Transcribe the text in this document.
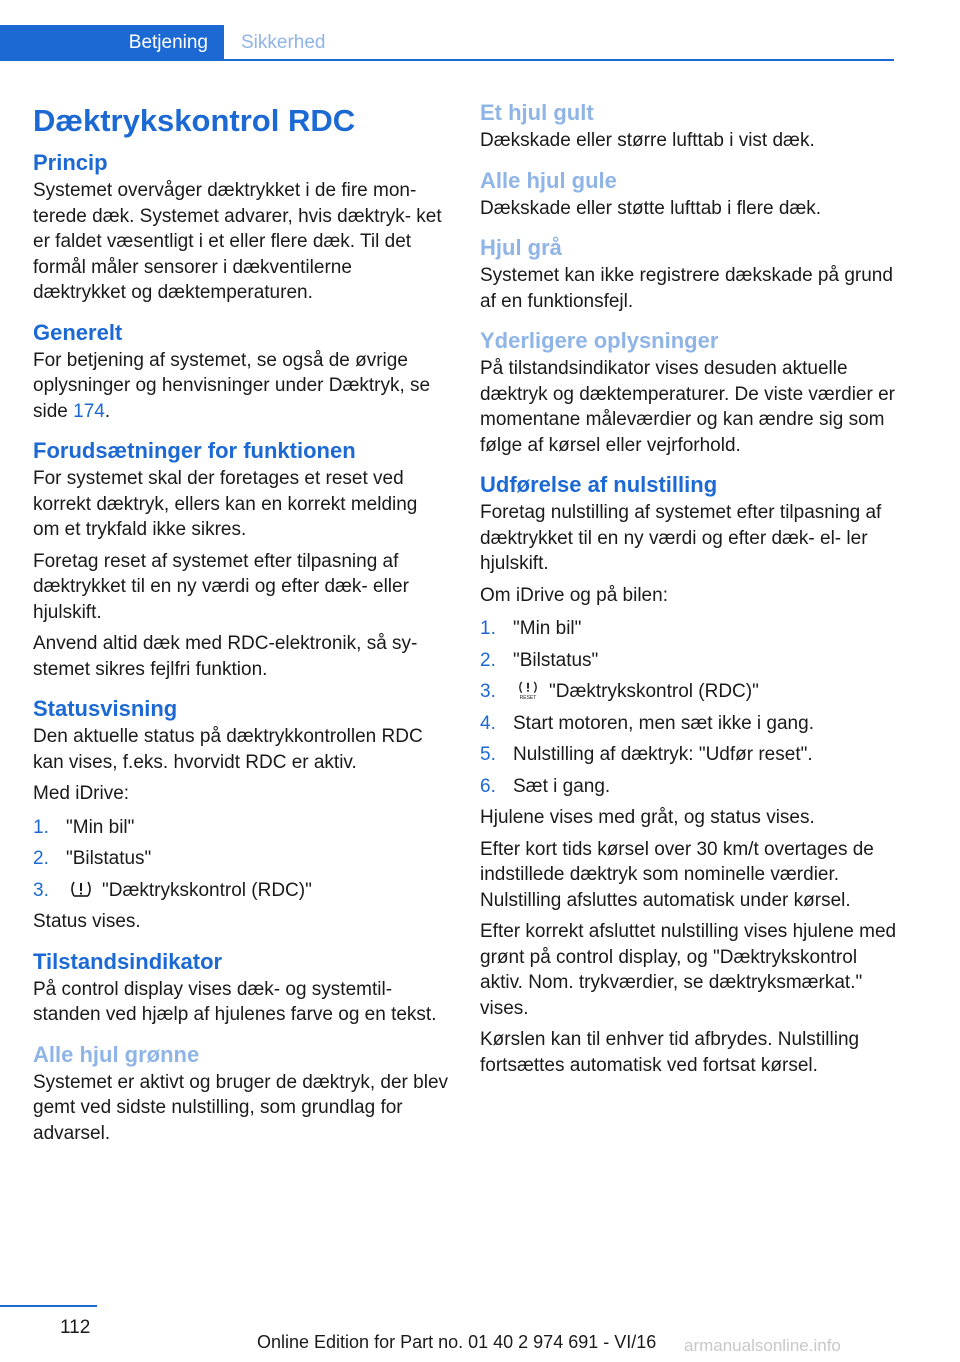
Betjening	Sikkerhed
Dæktrykskontrol RDC
Princip

Systemet overvåger dæktrykket i de fire mon- terede dæk. Systemet advarer, hvis dæktryk- ket er faldet væsentligt i et eller flere dæk. Til det formål måler sensorer i dækventilerne dæktrykket og dæktemperaturen.

Generelt

For betjening af systemet, se også de øvrige oplysninger og henvisninger under Dæktryk, se side 174.

Forudsætninger for funktionen

For systemet skal der foretages et reset ved korrekt dæktryk, ellers kan en korrekt melding om et trykfald ikke sikres.

Foretag reset af systemet efter tilpasning af dæktrykket til en ny værdi og efter dæk- eller hjulskift.

Anvend altid dæk med RDC-elektronik, så sy- stemet sikres fejlfri funktion.

Statusvisning

Den aktuelle status på dæktrykkontrollen RDC kan vises, f.eks. hvorvidt RDC er aktiv.

Med iDrive:

1. "Min bil"
2. "Bilstatus"
3.	"Dæktrykskontrol (RDC)"

Status vises.

Tilstandsindikator

På control display vises dæk- og systemtil- standen ved hjælp af hjulenes farve og en tekst.

Alle hjul grønne

Systemet er aktivt og bruger de dæktryk, der blev gemt ved sidste nulstilling, som grundlag for advarsel.

Et hjul gult

Dækskade eller større lufttab i vist dæk.

Alle hjul gule

Dækskade eller støtte lufttab i flere dæk.

Hjul grå

Systemet kan ikke registrere dækskade på grund af en funktionsfejl.

Yderligere oplysninger

På tilstandsindikator vises desuden aktuelle dæktryk og dæktemperaturer. De viste værdier er momentane måleværdier og kan ændre sig som følge af kørsel eller vejrforhold.

Udførelse af nulstilling

Foretag nulstilling af systemet efter tilpasning af dæktrykket til en ny værdi og efter dæk- el- ler hjulskift.

Om iDrive og på bilen:

1. "Min bil"
2. "Bilstatus"
3.	RESET "Dæktrykskontrol (RDC)"
4. Start motoren, men sæt ikke i gang.
5. Nulstilling af dæktryk: "Udfør reset".
6. Sæt i gang.

Hjulene vises med gråt, og status vises.

Efter kort tids kørsel over 30 km/t overtages de indstillede dæktryk som nominelle værdier. Nulstilling afsluttes automatisk under kørsel.

Efter korrekt afsluttet nulstilling vises hjulene med grønt på control display, og "Dæktrykskontrol aktiv. Nom. trykværdier, se dæktryksmærkat." vises.

Kørslen kan til enhver tid afbrydes. Nulstilling fortsættes automatisk ved fortsat kørsel.

112
Online Edition for Part no. 01 40 2 974 691 - VI/16 armanualsonline.info
